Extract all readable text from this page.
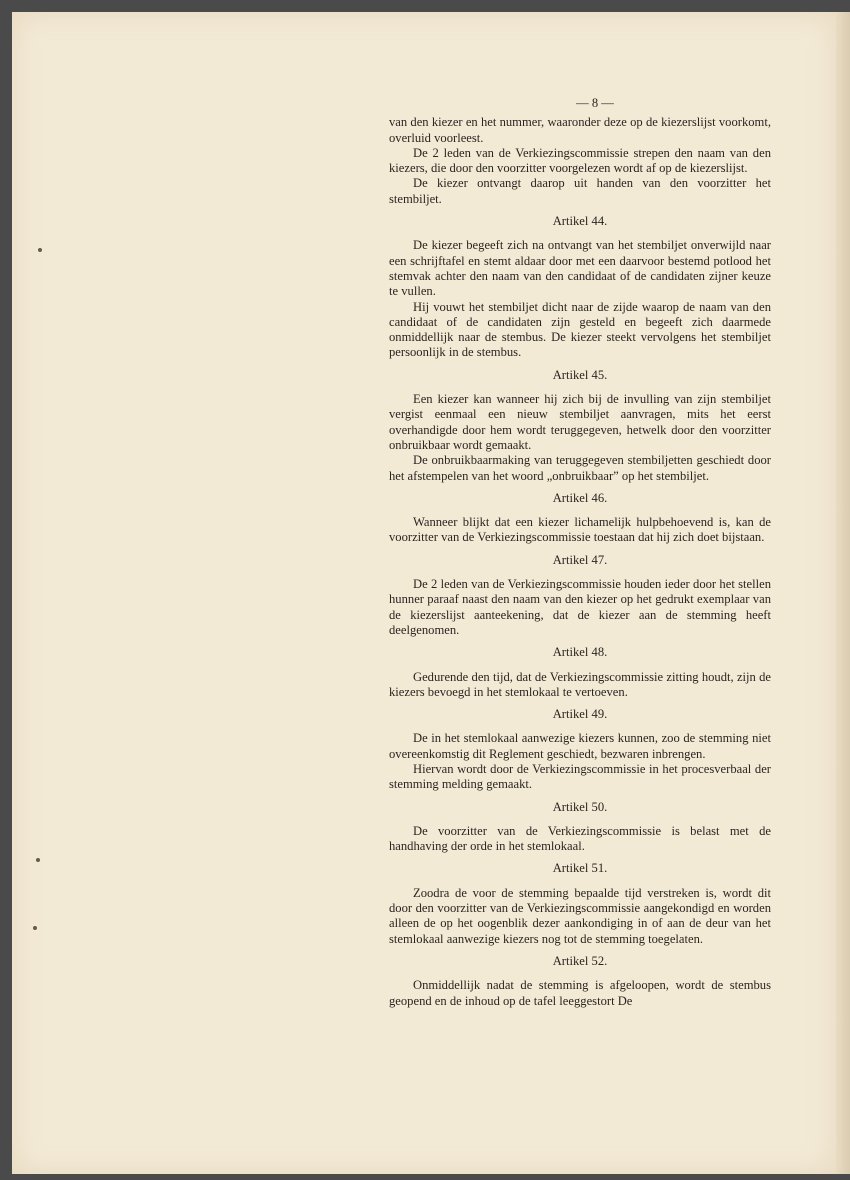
— 8 —
van den kiezer en het nummer, waaronder deze op de kiezerslijst voorkomt, overluid voorleest.
De 2 leden van de Verkiezingscommissie strepen den naam van den kiezers, die door den voorzitter voorgelezen wordt af op de kiezerslijst.
De kiezer ontvangt daarop uit handen van den voorzitter het stembiljet.
Artikel 44.
De kiezer begeeft zich na ontvangt van het stembiljet onverwijld naar een schrijftafel en stemt aldaar door met een daarvoor bestemd potlood het stemvak achter den naam van den candidaat of de candidaten zijner keuze te vullen.
Hij vouwt het stembiljet dicht naar de zijde waarop de naam van den candidaat of de candidaten zijn gesteld en begeeft zich daarmede onmiddellijk naar de stembus. De kiezer steekt vervolgens het stembiljet persoonlijk in de stembus.
Artikel 45.
Een kiezer kan wanneer hij zich bij de invulling van zijn stembiljet vergist eenmaal een nieuw stembiljet aanvragen, mits het eerst overhandigde door hem wordt teruggegeven, hetwelk door den voorzitter onbruikbaar wordt gemaakt.
De onbruikbaarmaking van teruggegeven stembiljetten geschiedt door het afstempelen van het woord „onbruikbaar” op het stembiljet.
Artikel 46.
Wanneer blijkt dat een kiezer lichamelijk hulpbehoevend is, kan de voorzitter van de Verkiezingscommissie toestaan dat hij zich doet bijstaan.
Artikel 47.
De 2 leden van de Verkiezingscommissie houden ieder door het stellen hunner paraaf naast den naam van den kiezer op het gedrukt exemplaar van de kiezerslijst aanteekening, dat de kiezer aan de stemming heeft deelgenomen.
Artikel 48.
Gedurende den tijd, dat de Verkiezingscommissie zitting houdt, zijn de kiezers bevoegd in het stemlokaal te vertoeven.
Artikel 49.
De in het stemlokaal aanwezige kiezers kunnen, zoo de stemming niet overeenkomstig dit Reglement geschiedt, bezwaren inbrengen.
Hiervan wordt door de Verkiezingscommissie in het procesverbaal der stemming melding gemaakt.
Artikel 50.
De voorzitter van de Verkiezingscommissie is belast met de handhaving der orde in het stemlokaal.
Artikel 51.
Zoodra de voor de stemming bepaalde tijd verstreken is, wordt dit door den voorzitter van de Verkiezingscommissie aangekondigd en worden alleen de op het oogenblik dezer aankondiging in of aan de deur van het stemlokaal aanwezige kiezers nog tot de stemming toegelaten.
Artikel 52.
Onmiddellijk nadat de stemming is afgeloopen, wordt de stembus geopend en de inhoud op de tafel leeggestort De
